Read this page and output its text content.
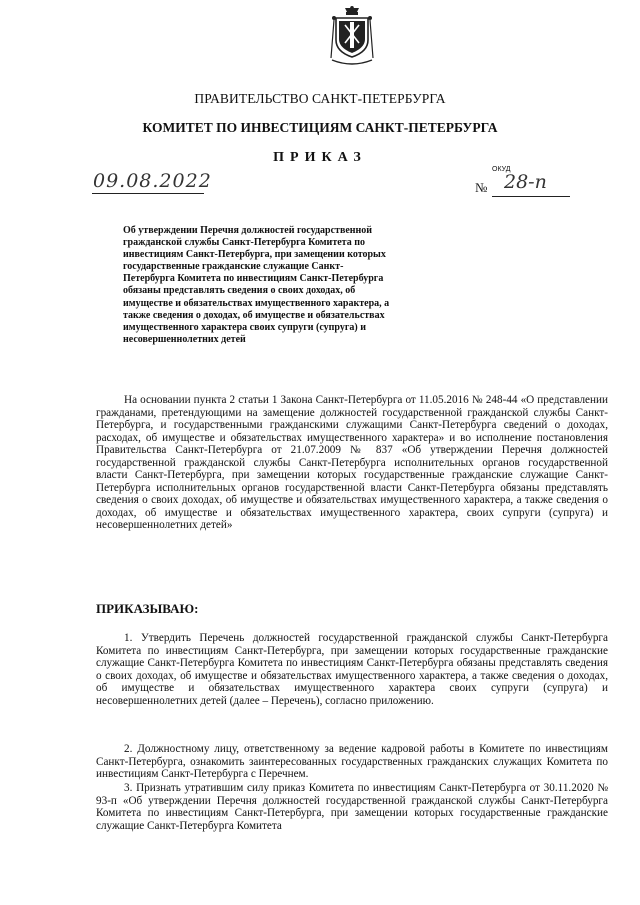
ПРАВИТЕЛЬСТВО САНКТ-ПЕТЕРБУРГА
КОМИТЕТ ПО ИНВЕСТИЦИЯМ САНКТ-ПЕТЕРБУРГА
ПРИКАЗ
09.08.2022
ОКУД
№ 28-п

Об утверждении Перечня должностей государственной гражданской службы Санкт-Петербурга Комитета по инвестициям Санкт-Петербурга, при замещении которых государственные гражданские служащие Санкт-Петербурга Комитета по инвестициям Санкт-Петербурга обязаны представлять сведения о своих доходах, об имуществе и обязательствах имущественного характера, а также сведения о доходах, об имуществе и обязательствах имущественного характера своих супруги (супруга) и несовершеннолетних детей

На основании пункта 2 статьи 1 Закона Санкт-Петербурга от 11.05.2016 № 248-44 «О представлении гражданами, претендующими на замещение должностей государственной гражданской службы Санкт-Петербурга, и государственными гражданскими служащими Санкт-Петербурга сведений о доходах, расходах, об имуществе и обязательствах имущественного характера» и во исполнение постановления Правительства Санкт-Петербурга от 21.07.2009 № 837 «Об утверждении Перечня должностей государственной гражданской службы Санкт-Петербурга исполнительных органов государственной власти Санкт-Петербурга, при замещении которых государственные гражданские служащие Санкт-Петербурга исполнительных органов государственной власти Санкт-Петербурга обязаны представлять сведения о своих доходах, об имуществе и обязательствах имущественного характера, а также сведения о доходах, об имуществе и обязательствах имущественного характера, своих супруги (супруга) и несовершеннолетних детей»

ПРИКАЗЫВАЮ:

1. Утвердить Перечень должностей государственной гражданской службы Санкт-Петербурга Комитета по инвестициям Санкт-Петербурга, при замещении которых государственные гражданские служащие Санкт-Петербурга Комитета по инвестициям Санкт-Петербурга обязаны представлять сведения о своих доходах, об имуществе и обязательствах имущественного характера, а также сведения о доходах, об имуществе и обязательствах имущественного характера своих супруги (супруга) и несовершеннолетних детей (далее – Перечень), согласно приложению.

2. Должностному лицу, ответственному за ведение кадровой работы в Комитете по инвестициям Санкт-Петербурга, ознакомить заинтересованных государственных гражданских служащих Комитета по инвестициям Санкт-Петербурга с Перечнем.

3. Признать утратившим силу приказ Комитета по инвестициям Санкт-Петербурга от 30.11.2020 № 93-п «Об утверждении Перечня должностей государственной гражданской службы Санкт-Петербурга Комитета по инвестициям Санкт-Петербурга, при замещении которых государственные гражданские служащие Санкт-Петербурга Комитета
